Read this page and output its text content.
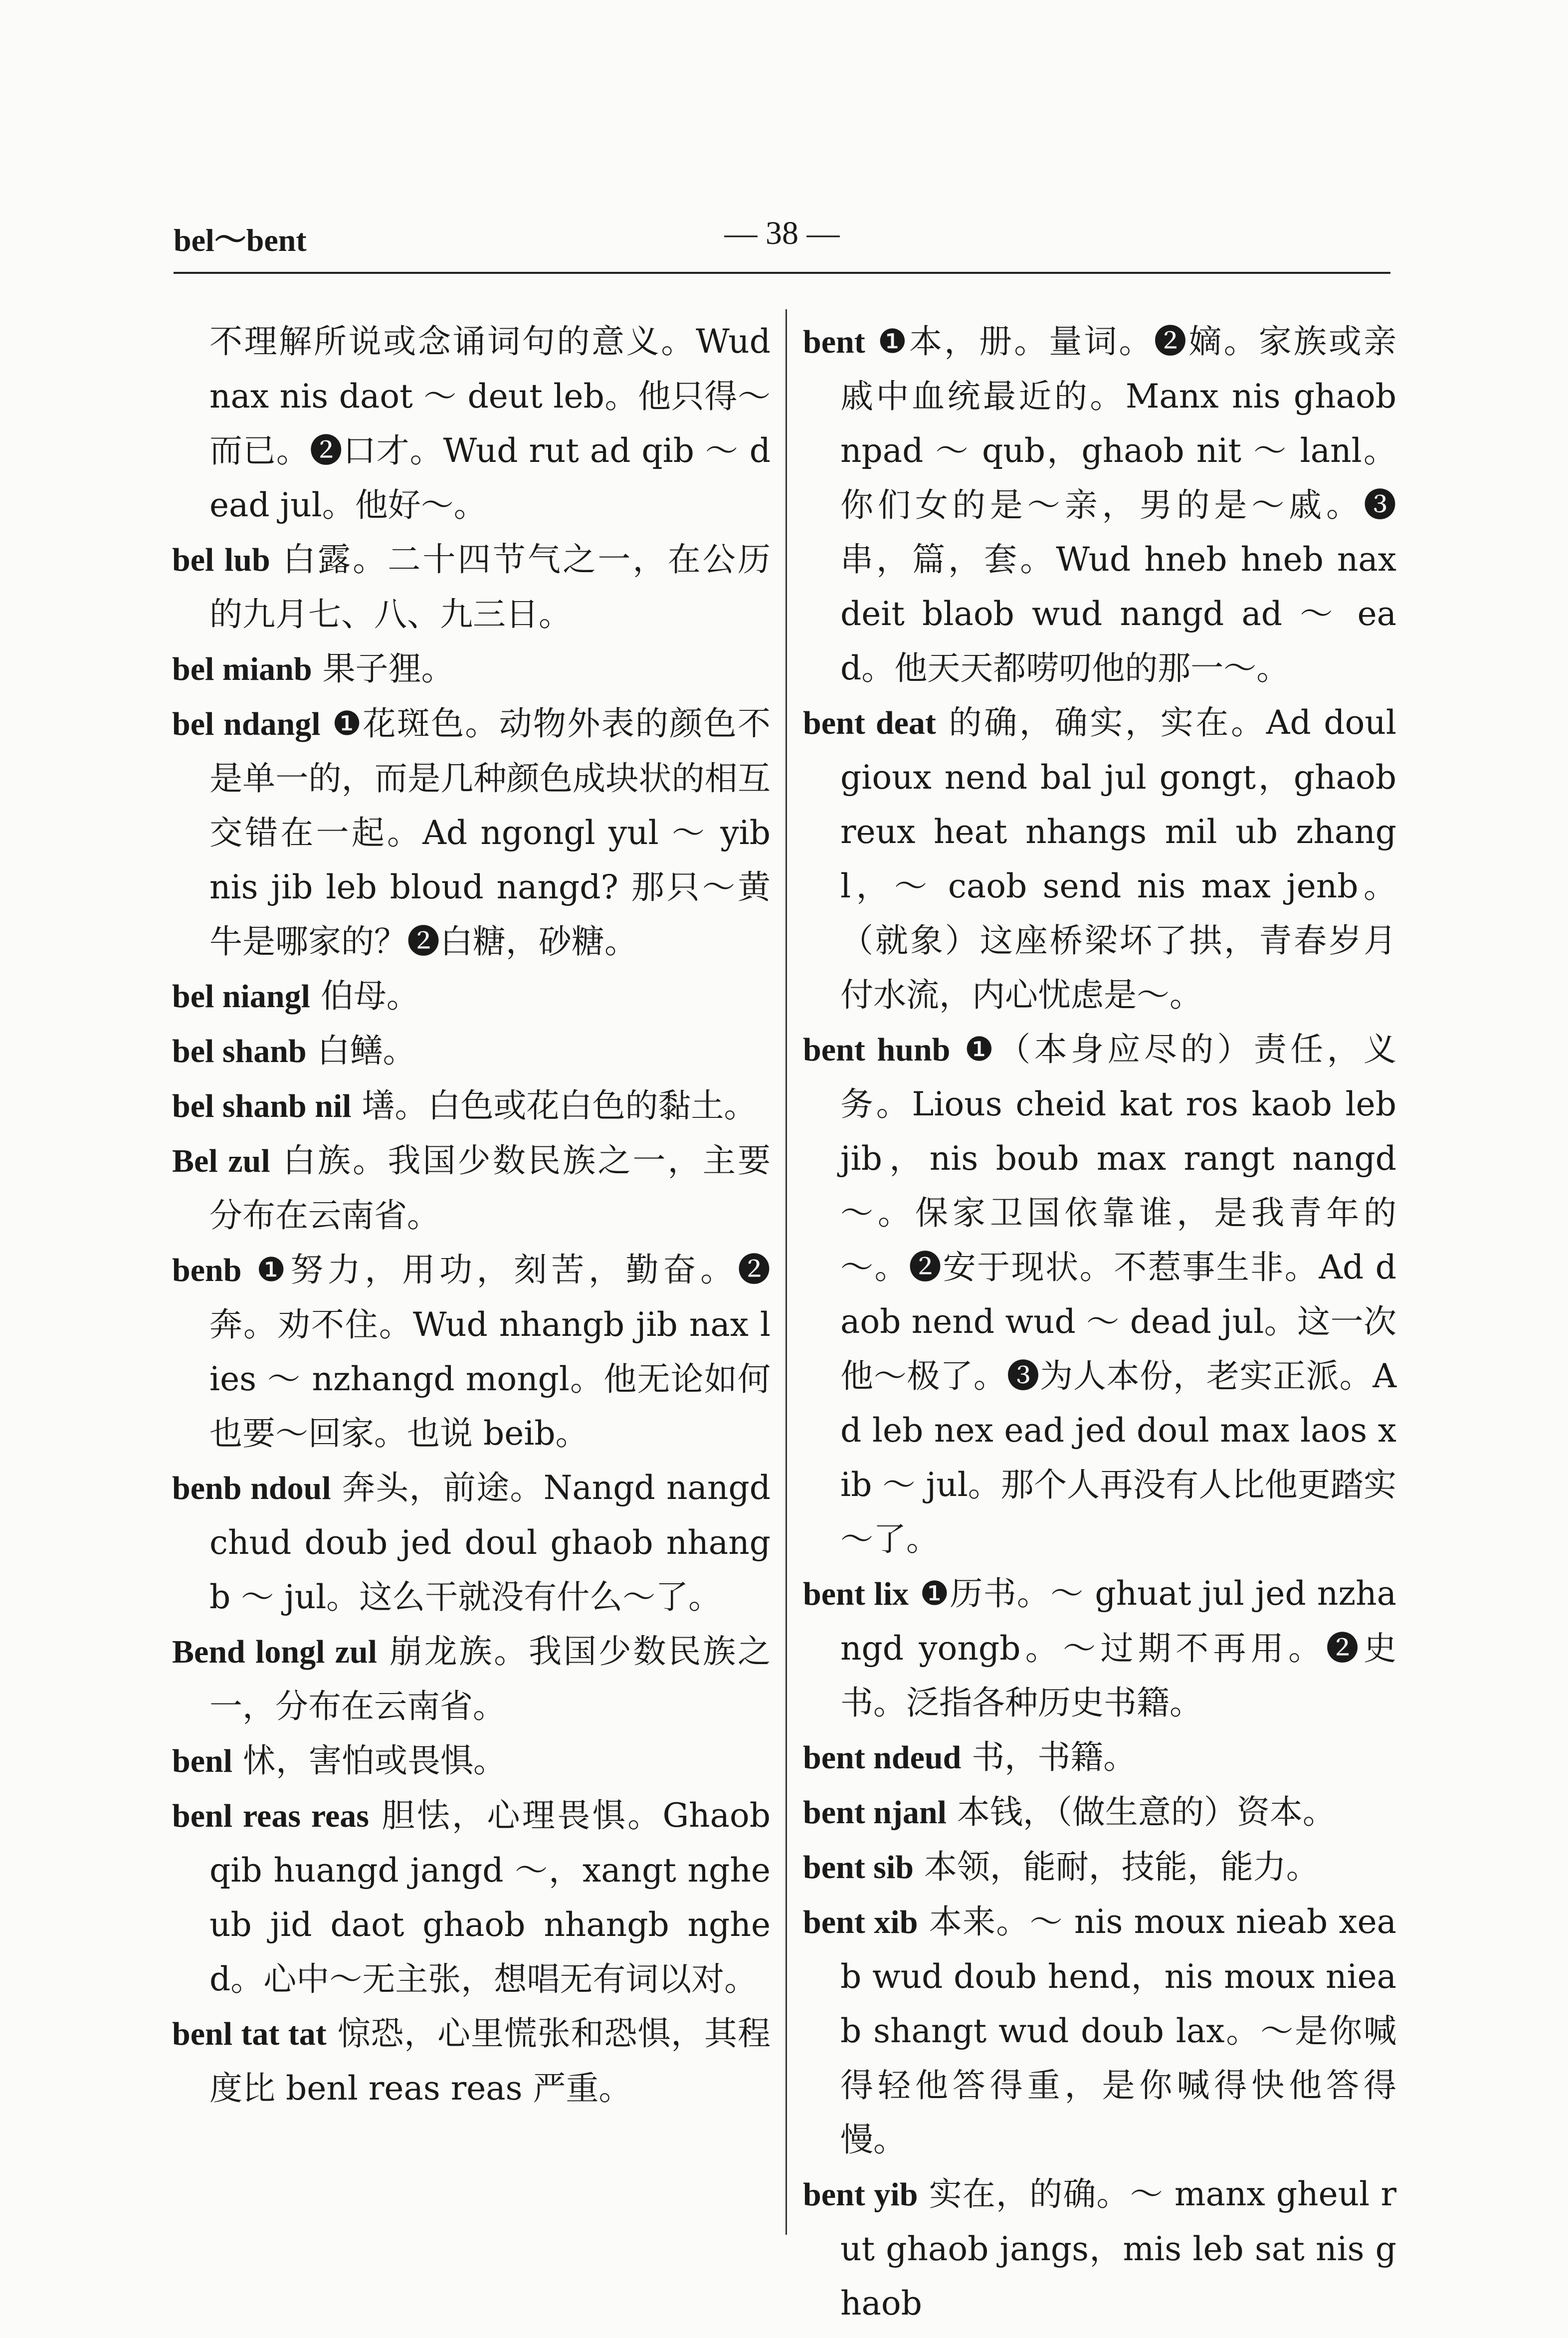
bel～bent	— 38 —
不理解所说或念诵词句的意义。Wud nax nis daot ～ deut leb。他只得～而已。❷口才。Wud rut ad qib ～ dead jul。他好～。
bel lub 白露。二十四节气之一，在公历的九月七、八、九三日。
bel mianb 果子狸。
bel ndangl ❶花斑色。动物外表的颜色不是单一的，而是几种颜色成块状的相互交错在一起。Ad ngongl yul ～ yib nis jib leb bloud nangd? 那只～黄牛是哪家的？❷白糖，砂糖。
bel niangl 伯母。
bel shanb 白鳝。
bel shanb nil 墡。白色或花白色的黏土。
Bel zul 白族。我国少数民族之一，主要分布在云南省。
benb ❶努力，用功，刻苦，勤奋。❷奔。劝不住。Wud nhangb jib nax lies ～ nzhangd mongl。他无论如何也要～回家。也说 beib。
benb ndoul 奔头，前途。Nangd nangd chud doub jed doul ghaob nhangb ～ jul。这么干就没有什么～了。
Bend longl zul 崩龙族。我国少数民族之一，分布在云南省。
benl 怵，害怕或畏惧。
benl reas reas 胆怯，心理畏惧。Ghaob qib huangd jangd ～，xangt ngheub jid daot ghaob nhangb nghed。心中～无主张，想唱无有词以对。
benl tat tat 惊恐，心里慌张和恐惧，其程度比 benl reas reas 严重。
bent ❶本，册。量词。❷嫡。家族或亲戚中血统最近的。Manx nis ghaob npad ～ qub，ghaob nit ～ lanl。你们女的是～亲，男的是～戚。❸串，篇，套。Wud hneb hneb nax deit blaob wud nangd ad ～ ead。他天天都唠叨他的那一～。
bent deat 的确，确实，实在。Ad doul gioux nend bal jul gongt，ghaob reux heat nhangs mil ub zhangl，～ caob send nis max jenb。（就象）这座桥梁坏了拱，青春岁月付水流，内心忧虑是～。
bent hunb ❶（本身应尽的）责任，义务。Lious cheid kat ros kaob leb jib，nis boub max rangt nangd ～。保家卫国依靠谁，是我青年的～。❷安于现状。不惹事生非。Ad daob nend wud ～ dead jul。这一次他～极了。❸为人本份，老实正派。Ad leb nex ead jed doul max laos xib ～ jul。那个人再没有人比他更踏实～了。
bent lix ❶历书。～ ghuat jul jed nzhangd yongb。～过期不再用。❷史书。泛指各种历史书籍。
bent ndeud 书，书籍。
bent njanl 本钱，（做生意的）资本。
bent sib 本领，能耐，技能，能力。
bent xib 本来。～ nis moux nieab xeab wud doub hend，nis moux nieab shangt wud doub lax。～是你喊得轻他答得重，是你喊得快他答得慢。
bent yib 实在，的确。～ manx gheul rut ghaob jangs，mis leb sat nis ghaob
